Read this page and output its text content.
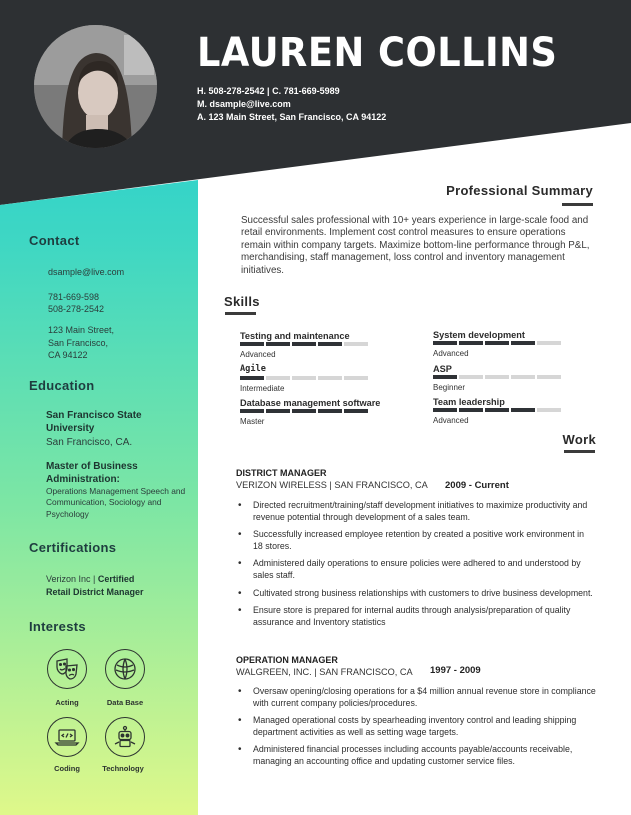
LAUREN COLLINS
H. 508-278-2542 | C. 781-669-5989
M. dsample@live.com
A. 123 Main Street, San Francisco, CA 94122
Contact
dsample@live.com
781-669-598
508-278-2542
123 Main Street,
San Francisco,
CA 94122
Education
San Francisco State University
San Francisco, CA.
Master of Business Administration:
Operations Management Speech and Communication, Sociology and Psychology
Certifications
Verizon Inc | Certified
Retail District Manager
Interests
Acting	Data Base
Coding	Technology
Professional Summary
Successful sales professional with 10+ years experience in large-scale food and retail environments. Implement cost control measures to ensure operations remain within company targets. Maximize bottom-line performance through P&L, merchandising, staff management, loss control and inventory management initiatives.
Skills
Testing and maintenance
Advanced
System development
Advanced
Agile
Intermediate
ASP
Beginner
Database management software
Master
Team leadership
Advanced
Work
DISTRICT MANAGER
VERIZON WIRELESS | SAN FRANCISCO, CA 2009 - Current
• Directed recruitment/training/staff development initiatives to maximize productivity and revenue potential through development of a sales team.
• Successfully increased employee retention by created a positive work environment in 18 stores.
• Administered daily operations to ensure policies were adhered to and understood by sales staff.
• Cultivated strong business relationships with customers to drive business development.
• Ensure store is prepared for internal audits through analysis/preparation of quality assurance and Inventory statistics
OPERATION MANAGER
WALGREEN, INC. | SAN FRANCISCO, CA 1997 - 2009
• Oversaw opening/closing operations for a $4 million annual revenue store in compliance with current company policies/procedures.
• Managed operational costs by spearheading inventory control and leading shipping department activities as well as setting wage targets.
• Administered financial processes including accounts payable/accounts receivable, managing an accounting office and updating customer service files.
